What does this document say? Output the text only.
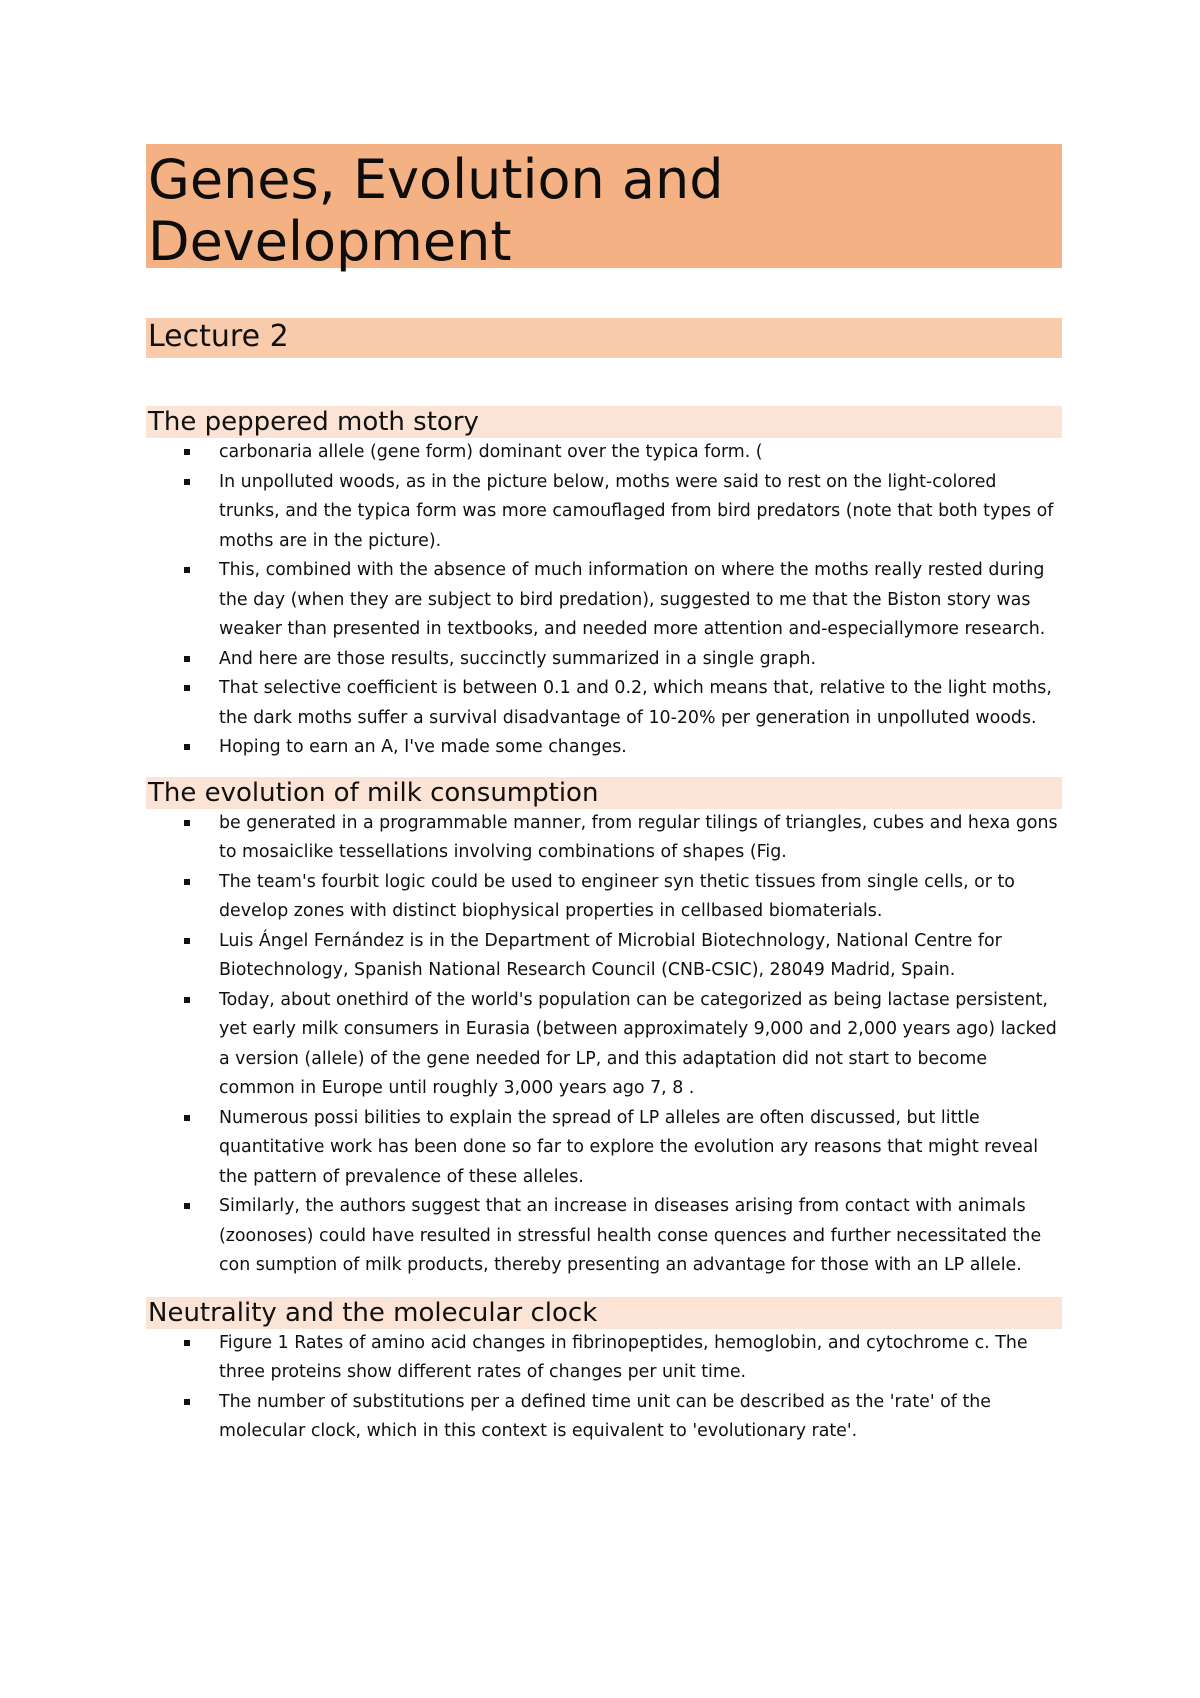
Genes, Evolution and
Development
Lecture 2
The peppered moth story
carbonaria allele (gene form) dominant over the typica form. (
In unpolluted woods, as in the picture below, moths were said to rest on the light-colored trunks, and the typica form was more camouflaged from bird predators (note that both types of moths are in the picture).
This, combined with the absence of much information on where the moths really rested during the day (when they are subject to bird predation), suggested to me that the Biston story was weaker than presented in textbooks, and needed more attention and-especiallymore research.
And here are those results, succinctly summarized in a single graph.
That selective coefficient is between 0.1 and 0.2, which means that, relative to the light moths, the dark moths suffer a survival disadvantage of 10-20% per generation in unpolluted woods.
Hoping to earn an A, I've made some changes.
The evolution of milk consumption
be generated in a programmable manner, from regular tilings of triangles, cubes and hexa gons to mosaiclike tessellations involving combinations of shapes (Fig.
The team's fourbit logic could be used to engineer syn thetic tissues from single cells, or to develop zones with distinct biophysical properties in cellbased biomaterials.
Luis Ángel Fernández is in the Department of Microbial Biotechnology, National Centre for Biotechnology, Spanish National Research Council (CNB-CSIC), 28049 Madrid, Spain.
Today, about onethird of the world's population can be categorized as being lactase persistent, yet early milk consumers in Eurasia (between approximately 9,000 and 2,000 years ago) lacked a version (allele) of the gene needed for LP, and this adaptation did not start to become common in Europe until roughly 3,000 years ago 7, 8 .
Numerous possi bilities to explain the spread of LP alleles are often discussed, but little quantitative work has been done so far to explore the evolution ary reasons that might reveal the pattern of prevalence of these alleles.
Similarly, the authors suggest that an increase in diseases arising from contact with animals (zoonoses) could have resulted in stressful health conse quences and further necessitated the con sumption of milk products, thereby presenting an advantage for those with an LP allele.
Neutrality and the molecular clock
Figure 1 Rates of amino acid changes in fibrinopeptides, hemoglobin, and cytochrome c. The three proteins show different rates of changes per unit time.
The number of substitutions per a defined time unit can be described as the 'rate' of the molecular clock, which in this context is equivalent to 'evolutionary rate'.
